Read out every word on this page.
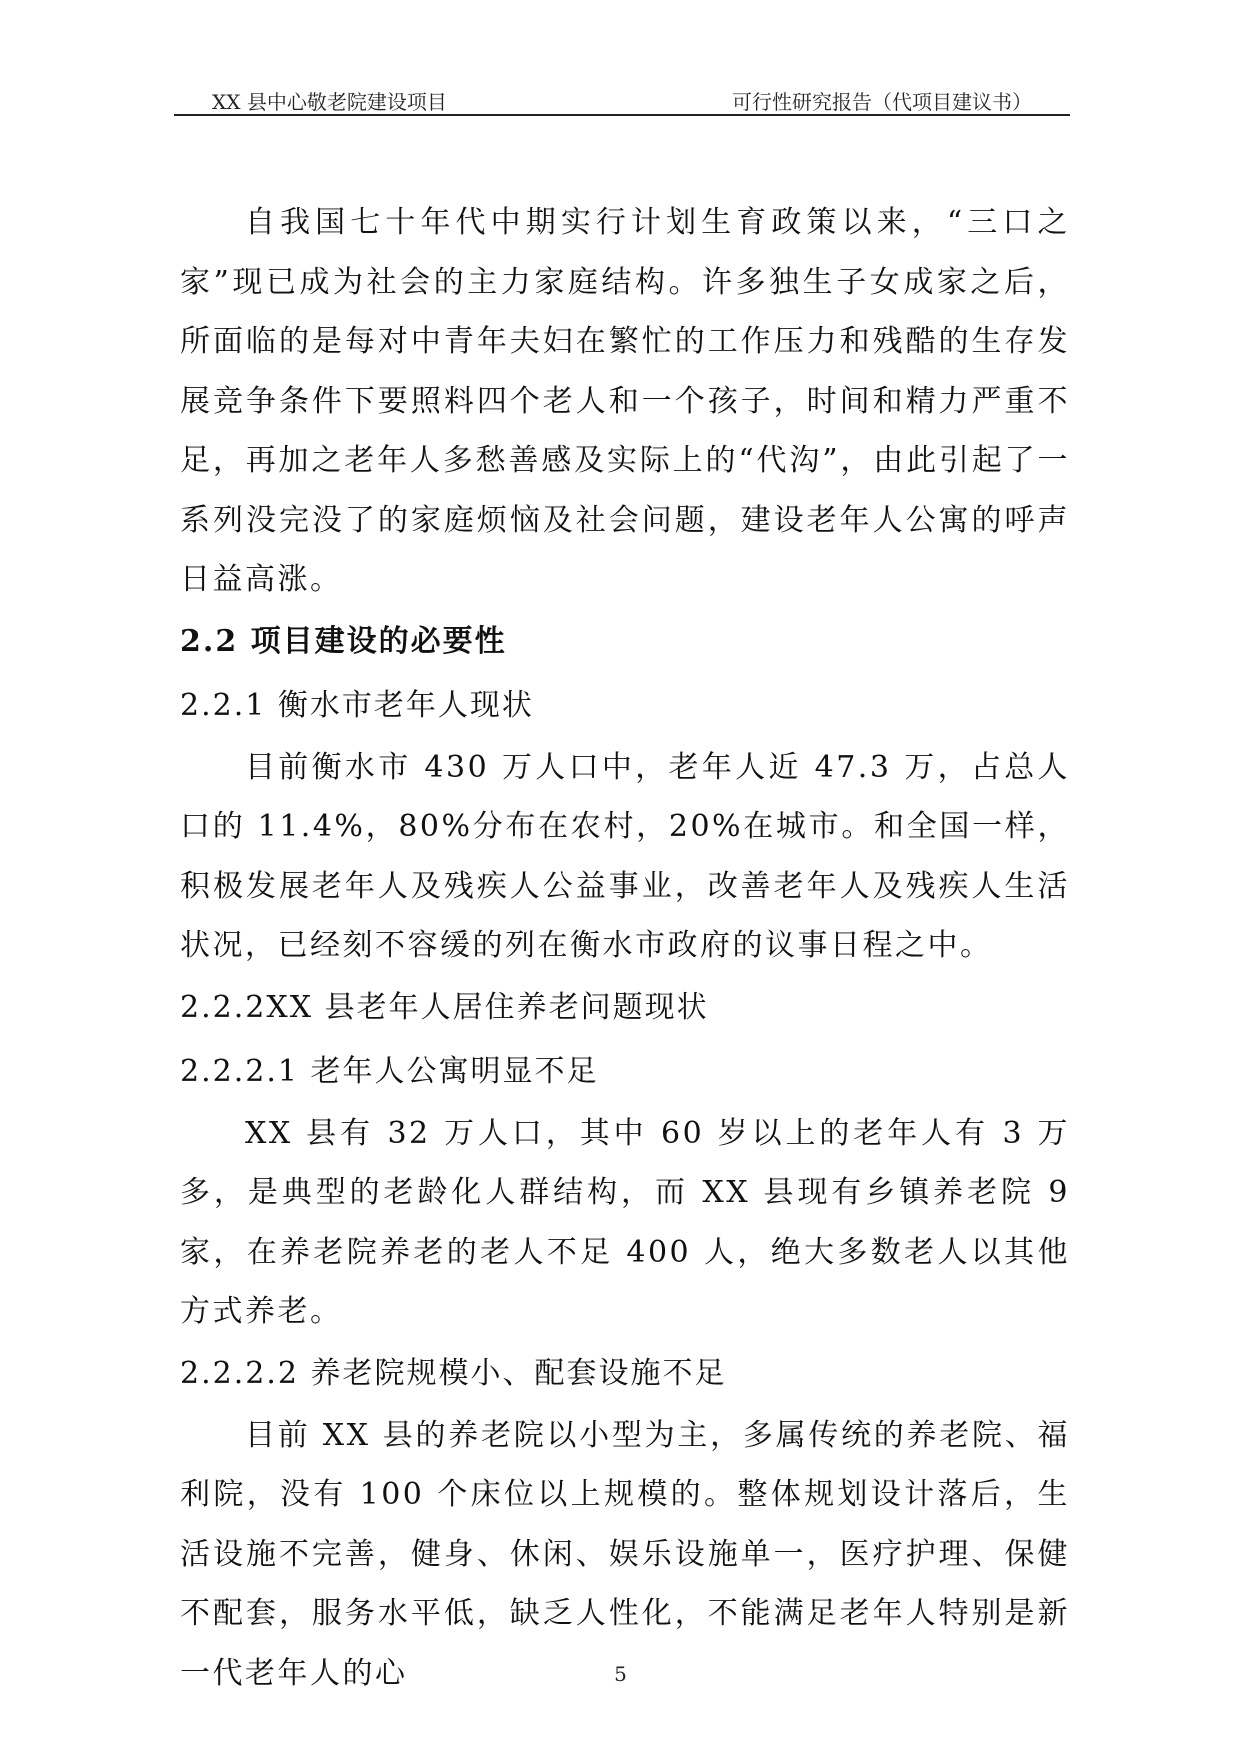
XX 县中心敬老院建设项目	可行性研究报告（代项目建议书）

自我国七十年代中期实行计划生育政策以来，“三口之家”现已成为社会的主力家庭结构。许多独生子女成家之后，所面临的是每对中青年夫妇在繁忙的工作压力和残酷的生存发展竞争条件下要照料四个老人和一个孩子，时间和精力严重不足，再加之老年人多愁善感及实际上的“代沟”，由此引起了一系列没完没了的家庭烦恼及社会问题，建设老年人公寓的呼声日益高涨。

2.2 项目建设的必要性

2.2.1 衡水市老年人现状

目前衡水市 430 万人口中，老年人近 47.3 万，占总人口的 11.4%，80%分布在农村，20%在城市。和全国一样，积极发展老年人及残疾人公益事业，改善老年人及残疾人生活状况，已经刻不容缓的列在衡水市政府的议事日程之中。

2.2.2XX 县老年人居住养老问题现状

2.2.2.1 老年人公寓明显不足

XX 县有 32 万人口，其中 60 岁以上的老年人有 3 万多，是典型的老龄化人群结构，而 XX 县现有乡镇养老院 9 家，在养老院养老的老人不足 400 人，绝大多数老人以其他方式养老。

2.2.2.2 养老院规模小、配套设施不足

目前 XX 县的养老院以小型为主，多属传统的养老院、福利院，没有 100 个床位以上规模的。整体规划设计落后，生活设施不完善，健身、休闲、娱乐设施单一，医疗护理、保健不配套，服务水平低，缺乏人性化，不能满足老年人特别是新一代老年人的心	5
